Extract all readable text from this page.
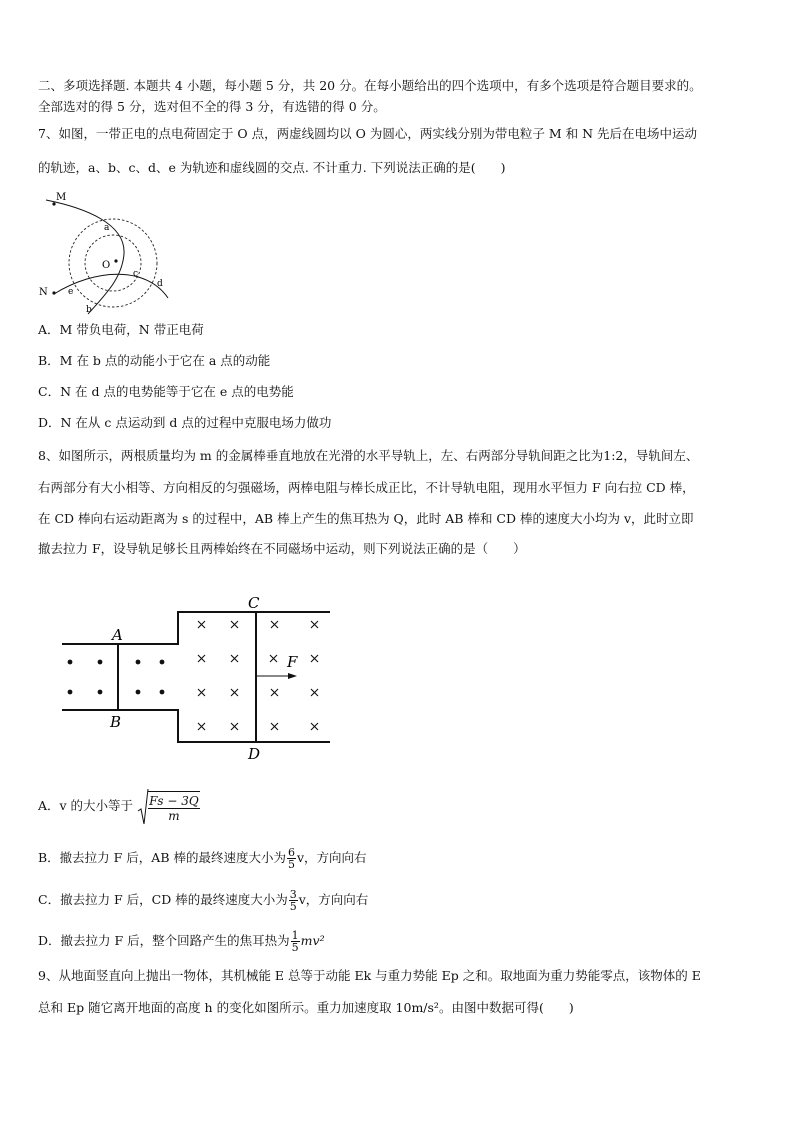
二、多项选择题. 本题共 4 小题，每小题 5 分，共 20 分。在每小题给出的四个选项中，有多个选项是符合题目要求的。
全部选对的得 5 分，选对但不全的得 3 分，有选错的得 0 分。
7、如图，一带正电的点电荷固定于 O 点，两虚线圆均以 O 为圆心，两实线分别为带电粒子 M 和 N 先后在电场中运动
的轨迹，a、b、c、d、e 为轨迹和虚线圆的交点. 不计重力. 下列说法正确的是(　　)
M
N
O
a
b
c
d
e
A．M 带负电荷，N 带正电荷
B．M 在 b 点的动能小于它在 a 点的动能
C．N 在 d 点的电势能等于它在 e 点的电势能
D．N 在从 c 点运动到 d 点的过程中克服电场力做功
8、如图所示，两根质量均为 m 的金属棒垂直地放在光滑的水平导轨上，左、右两部分导轨间距之比为1:2，导轨间左、
右两部分有大小相等、方向相反的匀强磁场，两棒电阻与棒长成正比，不计导轨电阻，现用水平恒力 F 向右拉 CD 棒，
在 CD 棒向右运动距离为 s 的过程中，AB 棒上产生的焦耳热为 Q，此时 AB 棒和 CD 棒的速度大小均为 v，此时立即
撤去拉力 F，设导轨足够长且两棒始终在不同磁场中运动，则下列说法正确的是（　　）
A
B
C
D
F
A．v 的大小等于 $\frac{Fs - 3Q}{m}$
B．撤去拉力 F 后，AB 棒的最终速度大小为 $\frac{6}{5}$ v，方向向右
C．撤去拉力 F 后，CD 棒的最终速度大小为 $\frac{3}{5}$ v，方向向右
D．撤去拉力 F 后，整个回路产生的焦耳热为 $\frac{1}{5} mv^2$
9、从地面竖直向上抛出一物体，其机械能 E 总等于动能 Ek 与重力势能 Ep 之和。取地面为重力势能零点，该物体的 E
总和 Ep 随它离开地面的高度 h 的变化如图所示。重力加速度取 10m/s²。由图中数据可得(　　)
